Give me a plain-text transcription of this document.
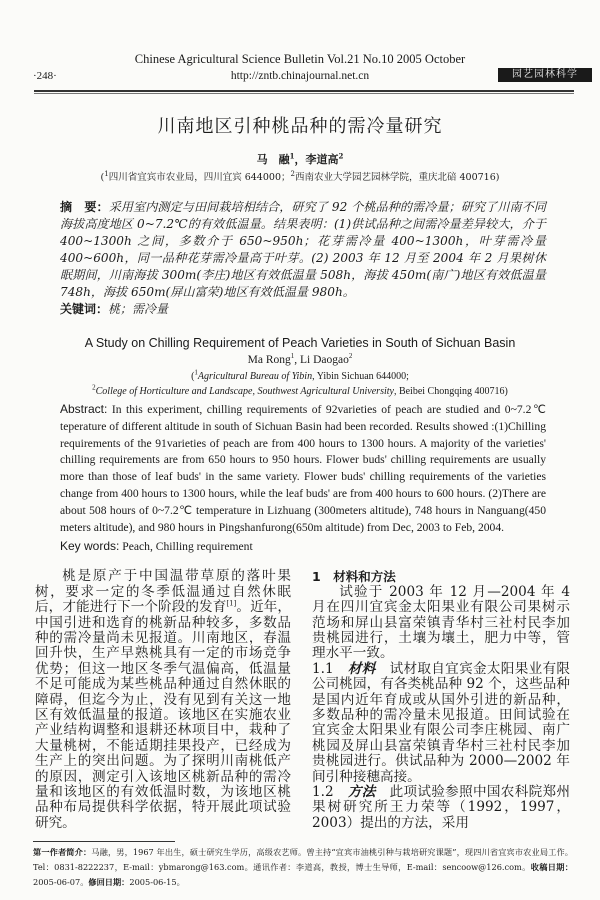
Chinese Agricultural Science Bulletin Vol.21 No.10 2005 October
·248·	http://zntb.chinajournal.net.cn	园艺园林科学
川南地区引种桃品种的需冷量研究
马　融$^1$，李道高$^2$
($^1$四川省宜宾市农业局，四川宜宾 644000；$^2$西南农业大学园艺园林学院，重庆北碚 400716)
摘　要：采用室内测定与田间栽培相结合，研究了 92 个桃品种的需冷量；研究了川南不同海拔高度地区 0~7.2℃的有效低温量。结果表明：(1)供试品种之间需冷量差异较大，介于 400~1300h 之间，多数介于 650~950h；花芽需冷量 400~1300h，叶芽需冷量 400~600h，同一品种花芽需冷量高于叶芽。(2) 2003 年 12 月至 2004 年 2 月果树休眠期间，川南海拔 300m(李庄)地区有效低温量 508h，海拔 450m(南广)地区有效低温量 748h，海拔 650m(屏山富荣)地区有效低温量 980h。
关键词：桃；需冷量
A Study on Chilling Requirement of Peach Varieties in South of Sichuan Basin
Ma Rong$^1$, Li Daogao$^2$
($^1$Agricultural Bureau of Yibin, Yibin Sichuan 644000;
$^2$College of Horticulture and Landscape, Southwest Agricultural University, Beibei Chongqing 400716)
Abstract: In this experiment, chilling requirements of 92varieties of peach are studied and 0~7.2℃ teperature of different altitude in south of Sichuan Basin had been recorded. Results showed :(1)Chilling requirements of the 91varieties of peach are from 400 hours to 1300 hours. A majority of the varieties' chilling requirements are from 650 hours to 950 hours. Flower buds' chilling requirements are usually more than those of leaf buds' in the same variety. Flower buds' chilling requirements of the varieties change from 400 hours to 1300 hours, while the leaf buds' are from 400 hours to 600 hours. (2)There are about 508 hours of 0~7.2℃ temperature in Lizhuang (300meters altitude), 748 hours in Nanguang(450 meters altitude), and 980 hours in Pingshanfurong(650m altitude) from Dec, 2003 to Feb, 2004.
Key words: Peach, Chilling requirement
桃是原产于中国温带草原的落叶果树，要求一定的冬季低温通过自然休眠后，才能进行下一个阶段的发育[1]。近年，中国引进和选育的桃新品种较多，多数品种的需冷量尚未见报道。川南地区，春温回升快，生产早熟桃具有一定的市场竞争优势；但这一地区冬季气温偏高，低温量不足可能成为某些桃品种通过自然休眠的障碍，但迄今为止，没有见到有关这一地区有效低温量的报道。该地区在实施农业产业结构调整和退耕还林项目中，栽种了大量桃树，不能适期挂果投产，已经成为生产上的突出问题。为了探明川南桃低产的原因，测定引入该地区桃新品种的需冷量和该地区的有效低温时数，为该地区桃品种布局提供科学依据，特开展此项试验研究。
1　材料和方法
试验于 2003 年 12 月—2004 年 4 月在四川宜宾金太阳果业有限公司果树示范场和屏山县富荣镇青华村三社村民李加贵桃园进行，土壤为壤土，肥力中等，管理水平一致。
1.1　 材料　 试材取自宜宾金太阳果业有限公司桃园，有各类桃品种 92 个，这些品种是国内近年育成或从国外引进的新品种，多数品种的需冷量未见报道。田间试验在宜宾金太阳果业有限公司李庄桃园、南广桃园及屏山县富荣镇青华村三社村民李加贵桃园进行。供试品种为 2000—2002 年间引种接穗高接。
1.2　 方法　 此项试验参照中国农科院郑州果树研究所王力荣等（1992，1997，2003）提出的方法，采用
第一作者简介：马融，男，1967 年出生，硕士研究生学历，高级农艺师。曾主持“宜宾市油桃引种与栽培研究课题”，现四川省宜宾市农业局工作。Tel：0831-8222237，E-mail：ybmarong@163.com。通讯作者：李道高，教授，博士生导师，E-mail：sencoow@126.com。收稿日期：2005-06-07。修回日期：2005-06-15。
